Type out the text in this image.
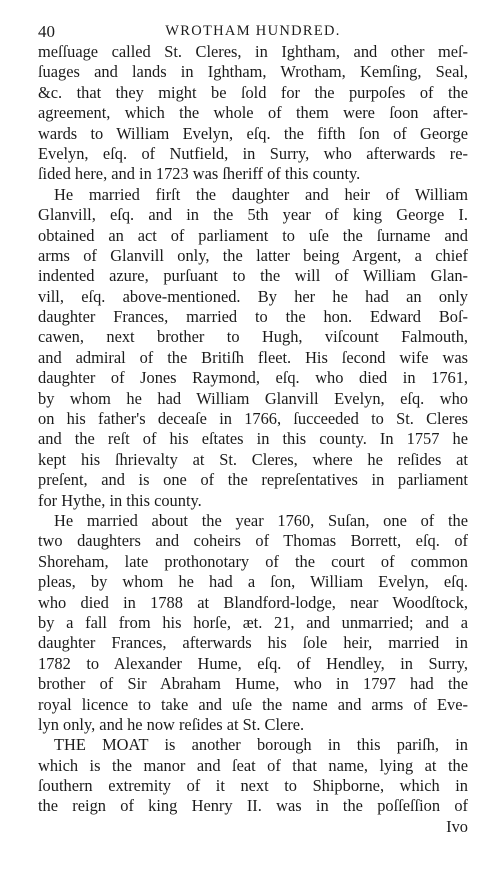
40	WROTHAM HUNDRED.
meſſuage called St. Cleres, in Ightham, and other meſ-
ſuages and lands in Ightham, Wrotham, Kemſing, Seal,
&c. that they might be ſold for the purpoſes of the
agreement, which the whole of them were ſoon after-
wards to William Evelyn, eſq. the fifth ſon of George
Evelyn, eſq. of Nutfield, in Surry, who afterwards re-
ſided here, and in 1723 was ſheriff of this county.
He married firſt the daughter and heir of William
Glanvill, eſq. and in the 5th year of king George I.
obtained an act of parliament to uſe the ſurname and
arms of Glanvill only, the latter being Argent, a chief
indented azure, purſuant to the will of William Glan-
vill, eſq. above-mentioned. By her he had an only
daughter Frances, married to the hon. Edward Boſ-
cawen, next brother to Hugh, viſcount Falmouth,
and admiral of the Britiſh fleet. His ſecond wife was
daughter of Jones Raymond, eſq. who died in 1761,
by whom he had William Glanvill Evelyn, eſq. who
on his father's deceaſe in 1766, ſucceeded to St. Cleres
and the reſt of his eſtates in this county. In 1757 he
kept his ſhrievalty at St. Cleres, where he reſides at
preſent, and is one of the repreſentatives in parliament
for Hythe, in this county.
He married about the year 1760, Suſan, one of the
two daughters and coheirs of Thomas Borrett, eſq. of
Shoreham, late prothonotary of the court of common
pleas, by whom he had a ſon, William Evelyn, eſq.
who died in 1788 at Blandford-lodge, near Woodſtock,
by a fall from his horſe, æt. 21, and unmarried; and a
daughter Frances, afterwards his ſole heir, married in
1782 to Alexander Hume, eſq. of Hendley, in Surry,
brother of Sir Abraham Hume, who in 1797 had the
royal licence to take and uſe the name and arms of Eve-
lyn only, and he now reſides at St. Clere.
THE MOAT is another borough in this pariſh, in
which is the manor and ſeat of that name, lying at the
ſouthern extremity of it next to Shipborne, which in
the reign of king Henry II. was in the poſſeſſion of
Ivo
